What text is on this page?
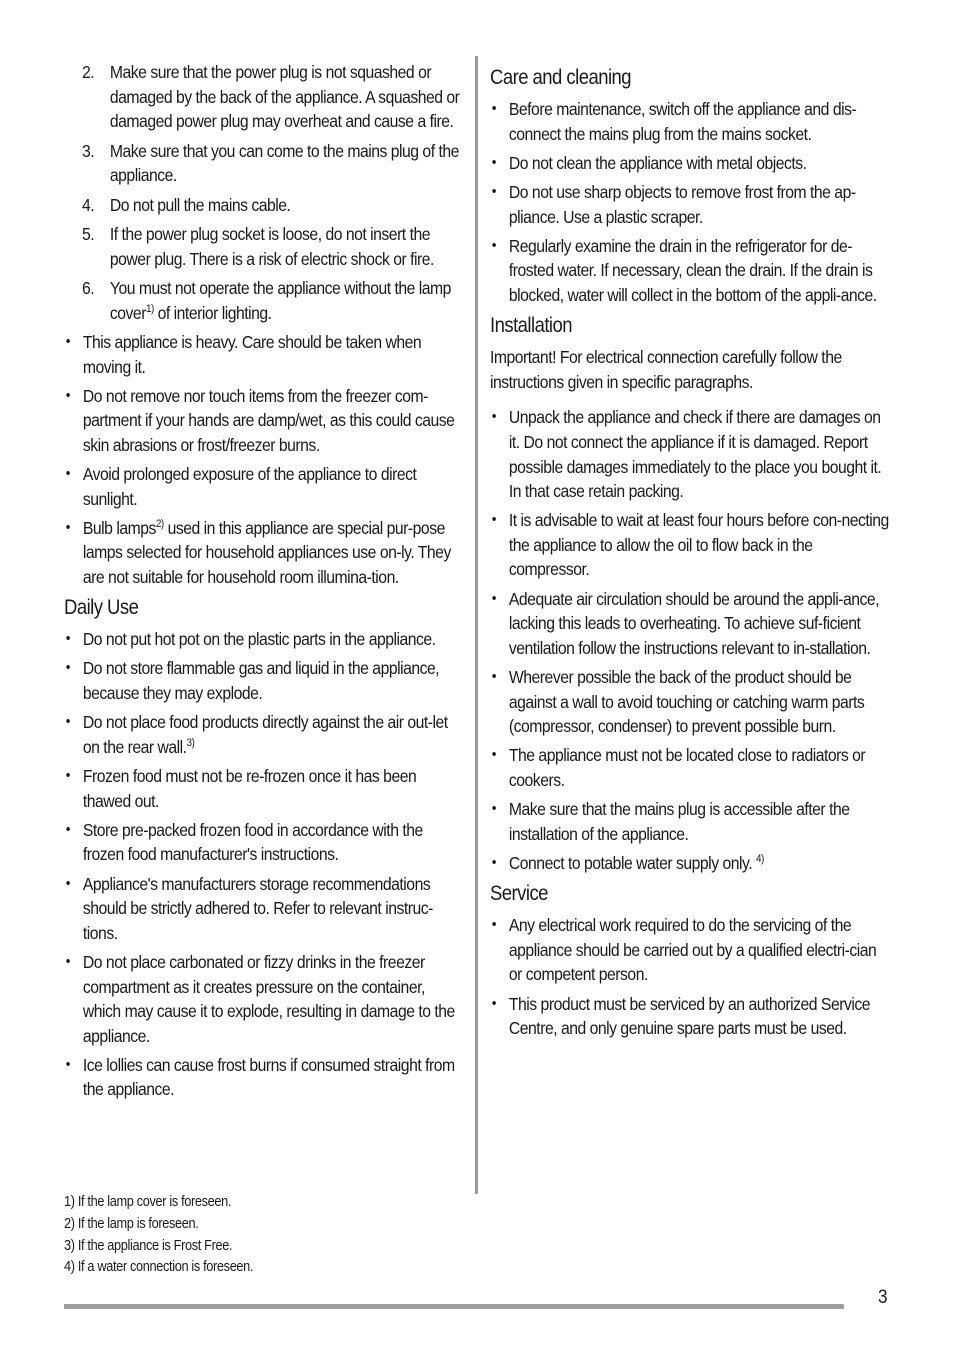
2. Make sure that the power plug is not squashed or damaged by the back of the appliance. A squashed or damaged power plug may overheat and cause a fire.
3. Make sure that you can come to the mains plug of the appliance.
4. Do not pull the mains cable.
5. If the power plug socket is loose, do not insert the power plug. There is a risk of electric shock or fire.
6. You must not operate the appliance without the lamp cover$^{1)}$ of interior lighting.
• This appliance is heavy. Care should be taken when moving it.
• Do not remove nor touch items from the freezer com-partment if your hands are damp/wet, as this could cause skin abrasions or frost/freezer burns.
• Avoid prolonged exposure of the appliance to direct sunlight.
• Bulb lamps$^{2)}$ used in this appliance are special pur-pose lamps selected for household appliances use on-ly. They are not suitable for household room illumina-tion.
Daily Use
• Do not put hot pot on the plastic parts in the appliance.
• Do not store flammable gas and liquid in the appliance, because they may explode.
• Do not place food products directly against the air out-let on the rear wall.$^{3)}$
• Frozen food must not be re-frozen once it has been thawed out.
• Store pre-packed frozen food in accordance with the frozen food manufacturer's instructions.
• Appliance's manufacturers storage recommendations should be strictly adhered to. Refer to relevant instruc-tions.
• Do not place carbonated or fizzy drinks in the freezer compartment as it creates pressure on the container, which may cause it to explode, resulting in damage to the appliance.
• Ice lollies can cause frost burns if consumed straight from the appliance.
Care and cleaning
• Before maintenance, switch off the appliance and dis-connect the mains plug from the mains socket.
• Do not clean the appliance with metal objects.
• Do not use sharp objects to remove frost from the ap-pliance. Use a plastic scraper.
• Regularly examine the drain in the refrigerator for de-frosted water. If necessary, clean the drain. If the drain is blocked, water will collect in the bottom of the appli-ance.
Installation

Important! For electrical connection carefully follow the instructions given in specific paragraphs.

• Unpack the appliance and check if there are damages on it. Do not connect the appliance if it is damaged. Report possible damages immediately to the place you bought it. In that case retain packing.
• It is advisable to wait at least four hours before con-necting the appliance to allow the oil to flow back in the compressor.
• Adequate air circulation should be around the appli-ance, lacking this leads to overheating. To achieve suf-ficient ventilation follow the instructions relevant to in-stallation.
• Wherever possible the back of the product should be against a wall to avoid touching or catching warm parts (compressor, condenser) to prevent possible burn.
• The appliance must not be located close to radiators or cookers.
• Make sure that the mains plug is accessible after the installation of the appliance.
• Connect to potable water supply only. $^{4)}$
Service
• Any electrical work required to do the servicing of the appliance should be carried out by a qualified electri-cian or competent person.
• This product must be serviced by an authorized Service Centre, and only genuine spare parts must be used.
1) If the lamp cover is foreseen.
2) If the lamp is foreseen.
3) If the appliance is Frost Free.
4) If a water connection is foreseen.
3
